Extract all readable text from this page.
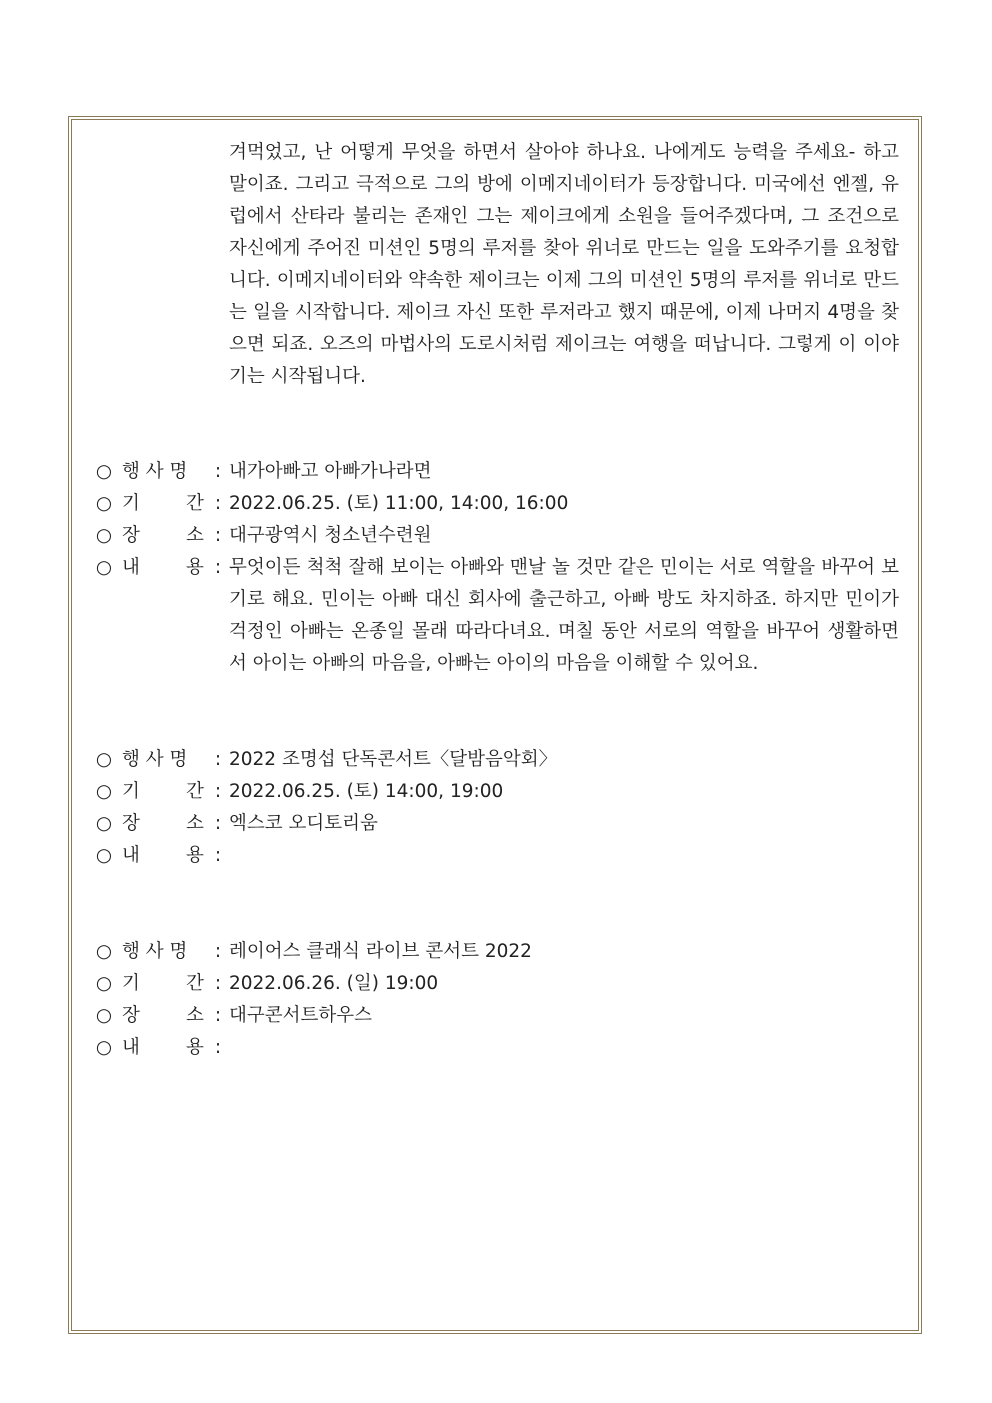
겨먹었고, 난 어떻게 무엇을 하면서 살아야 하나요. 나에게도 능력을 주세요- 하고 말이죠. 그리고 극적으로 그의 방에 이메지네이터가 등장합니다. 미국에선 엔젤, 유럽에서 산타라 불리는 존재인 그는 제이크에게 소원을 들어주겠다며, 그 조건으로 자신에게 주어진 미션인 5명의 루저를 찾아 위너로 만드는 일을 도와주기를 요청합니다. 이메지네이터와 약속한 제이크는 이제 그의 미션인 5명의 루저를 위너로 만드는 일을 시작합니다. 제이크 자신 또한 루저라고 했지 때문에, 이제 나머지 4명을 찾으면 되죠. 오즈의 마법사의 도로시처럼 제이크는 여행을 떠납니다. 그렇게 이 이야기는 시작됩니다.

○ 행 사 명	: 내가아빠고 아빠가나라면
○ 기 간 : 2022.06.25. (토) 11:00, 14:00, 16:00
○ 장 소 : 대구광역시 청소년수련원
○ 내 용 : 무엇이든 척척 잘해 보이는 아빠와 맨날 놀 것만 같은 민이는 서로 역할을 바꾸어 보기로 해요. 민이는 아빠 대신 회사에 출근하고, 아빠 방도 차지하죠. 하지만 민이가 걱정인 아빠는 온종일 몰래 따라다녀요. 며칠 동안 서로의 역할을 바꾸어 생활하면서 아이는 아빠의 마음을, 아빠는 아이의 마음을 이해할 수 있어요.

○ 행 사 명	: 2022 조명섭 단독콘서트〈달밤음악회〉
○ 기 간 : 2022.06.25. (토) 14:00, 19:00
○ 장 소 : 엑스코 오디토리움
○ 내 용 :
○ 행 사 명	: 레이어스 클래식 라이브 콘서트 2022
○ 기 간 : 2022.06.26. (일) 19:00
○ 장 소 : 대구콘서트하우스
○ 내 용 :
